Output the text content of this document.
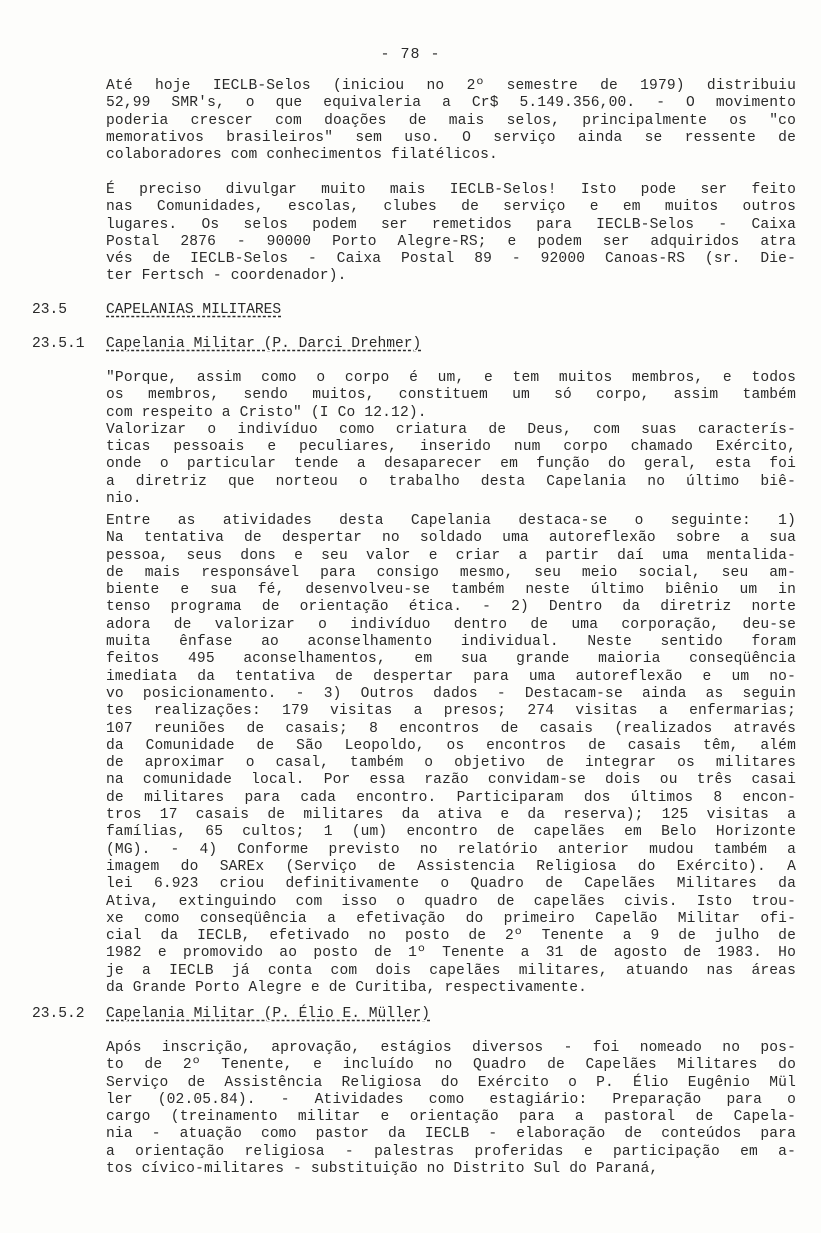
- 78 -
Até hoje IECLB-Selos (iniciou no 2º semestre de 1979) distribuiu
52,99 SMR's, o que equivaleria a Cr$ 5.149.356,00. - O movimento
poderia crescer com doações de mais selos, principalmente os "co
memorativos brasileiros" sem uso. O serviço ainda se ressente de
colaboradores com conhecimentos filatélicos.
É preciso divulgar muito mais IECLB-Selos! Isto pode ser feito
nas Comunidades, escolas, clubes de serviço e em muitos outros
lugares. Os selos podem ser remetidos para IECLB-Selos - Caixa
Postal 2876 - 90000 Porto Alegre-RS; e podem ser adquiridos atra
vés de IECLB-Selos - Caixa Postal 89 - 92000 Canoas-RS (sr. Die-
ter Fertsch - coordenador).
23.5	CAPELANIAS MILITARES
23.5.1 Capelania Militar (P. Darci Drehmer)
"Porque, assim como o corpo é um, e tem muitos membros, e todos
os membros, sendo muitos, constituem um só corpo, assim também
com respeito a Cristo" (I Co 12.12).
Valorizar o indivíduo como criatura de Deus, com suas caracterís-
ticas pessoais e peculiares, inserido num corpo chamado Exército,
onde o particular tende a desaparecer em função do geral, esta foi
a diretriz que norteou o trabalho desta Capelania no último biê-
nio.
Entre as atividades desta Capelania destaca-se o seguinte: 1)
Na tentativa de despertar no soldado uma autoreflexão sobre a sua
pessoa, seus dons e seu valor e criar a partir daí uma mentalida-
de mais responsável para consigo mesmo, seu meio social, seu am-
biente e sua fé, desenvolveu-se também neste último biênio um in
tenso programa de orientação ética. - 2) Dentro da diretriz norte
adora de valorizar o indivíduo dentro de uma corporação, deu-se
muita ênfase ao aconselhamento individual. Neste sentido foram
feitos 495 aconselhamentos, em sua grande maioria conseqüência
imediata da tentativa de despertar para uma autoreflexão e um no-
vo posicionamento. - 3) Outros dados - Destacam-se ainda as seguin
tes realizações: 179 visitas a presos; 274 visitas a enfermarias;
107 reuniões de casais; 8 encontros de casais (realizados através
da Comunidade de São Leopoldo, os encontros de casais têm, além
de aproximar o casal, também o objetivo de integrar os militares
na comunidade local. Por essa razão convidam-se dois ou três casai
de militares para cada encontro. Participaram dos últimos 8 encon-
tros 17 casais de militares da ativa e da reserva); 125 visitas a
famílias, 65 cultos; 1 (um) encontro de capelães em Belo Horizonte
(MG). - 4) Conforme previsto no relatório anterior mudou também a
imagem do SAREx (Serviço de Assistencia Religiosa do Exército). A
lei 6.923 criou definitivamente o Quadro de Capelães Militares da
Ativa, extinguindo com isso o quadro de capelães civis. Isto trou-
xe como conseqüência a efetivação do primeiro Capelão Militar ofi-
cial da IECLB, efetivado no posto de 2º Tenente a 9 de julho de
1982 e promovido ao posto de 1º Tenente a 31 de agosto de 1983. Ho
je a IECLB já conta com dois capelães militares, atuando nas áreas
da Grande Porto Alegre e de Curitiba, respectivamente.
23.5.2 Capelania Militar (P. Élio E. Müller)
Após inscrição, aprovação, estágios diversos - foi nomeado no pos-
to de 2º Tenente, e incluído no Quadro de Capelães Militares do
Serviço de Assistência Religiosa do Exército o P. Élio Eugênio Mül
ler (02.05.84). - Atividades como estagiário: Preparação para o
cargo (treinamento militar e orientação para a pastoral de Capela-
nia - atuação como pastor da IECLB - elaboração de conteúdos para
a orientação religiosa - palestras proferidas e participação em a-
tos cívico-militares - substituição no Distrito Sul do Paraná,
